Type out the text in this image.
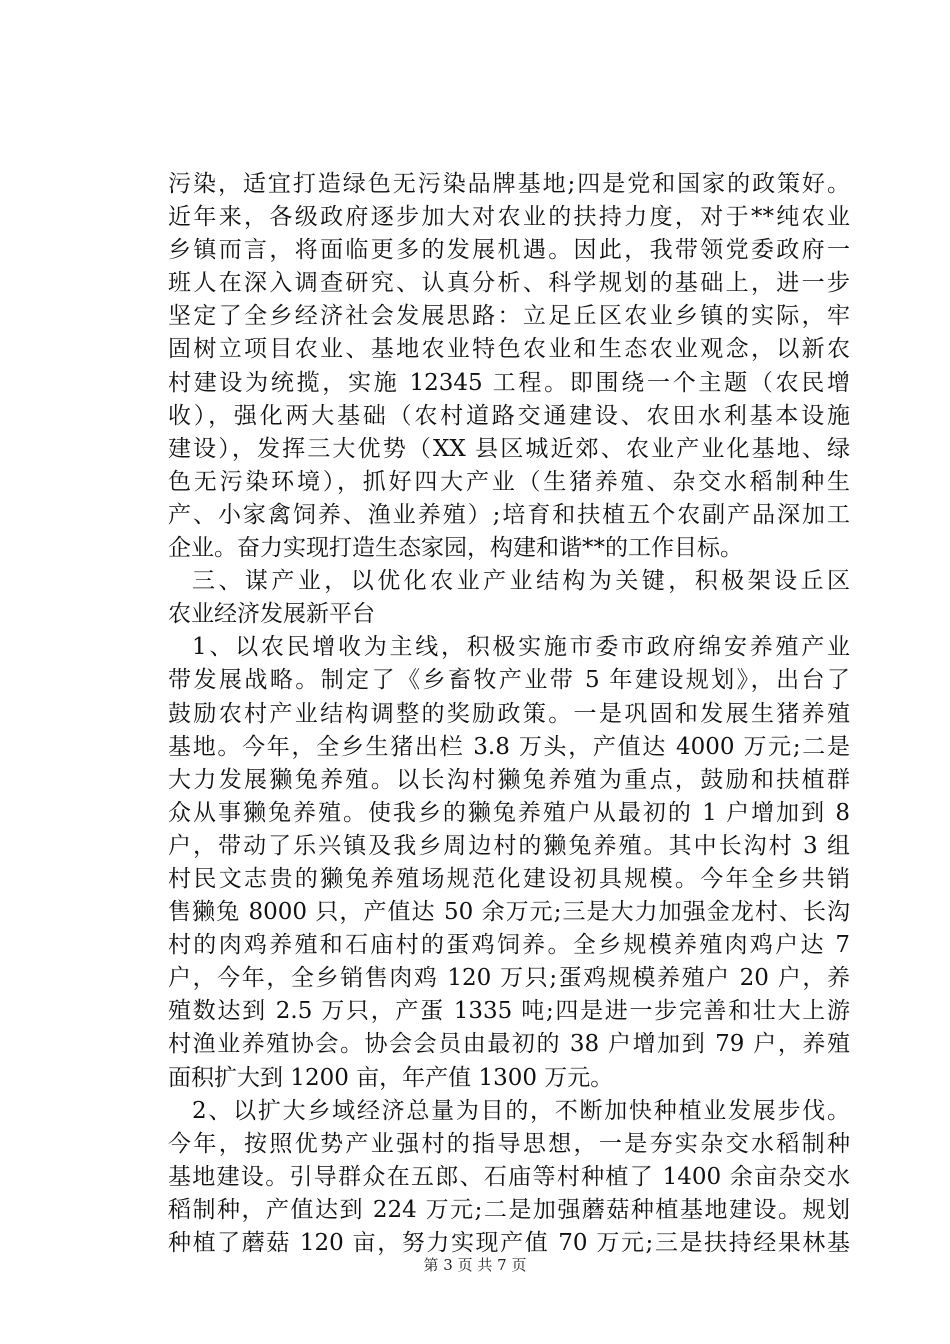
污染，适宜打造绿色无污染品牌基地;四是党和国家的政策好。
近年来，各级政府逐步加大对农业的扶持力度，对于**纯农业
乡镇而言，将面临更多的发展机遇。因此，我带领党委政府一
班人在深入调查研究、认真分析、科学规划的基础上，进一步
坚定了全乡经济社会发展思路：立足丘区农业乡镇的实际，牢
固树立项目农业、基地农业特色农业和生态农业观念，以新农
村建设为统揽，实施 12345 工程。即围绕一个主题（农民增
收），强化两大基础（农村道路交通建设、农田水利基本设施
建设），发挥三大优势（XX 县区城近郊、农业产业化基地、绿
色无污染环境），抓好四大产业（生猪养殖、杂交水稻制种生
产、小家禽饲养、渔业养殖）;培育和扶植五个农副产品深加工
企业。奋力实现打造生态家园，构建和谐**的工作目标。
三、谋产业，以优化农业产业结构为关键，积极架设丘区
农业经济发展新平台
1、以农民增收为主线，积极实施市委市政府绵安养殖产业
带发展战略。制定了《乡畜牧产业带 5 年建设规划》，出台了
鼓励农村产业结构调整的奖励政策。一是巩固和发展生猪养殖
基地。今年，全乡生猪出栏 3.8 万头，产值达 4000 万元;二是
大力发展獭兔养殖。以长沟村獭兔养殖为重点，鼓励和扶植群
众从事獭兔养殖。使我乡的獭兔养殖户从最初的 1 户增加到 8
户，带动了乐兴镇及我乡周边村的獭兔养殖。其中长沟村 3 组
村民文志贵的獭兔养殖场规范化建设初具规模。今年全乡共销
售獭兔 8000 只，产值达 50 余万元;三是大力加强金龙村、长沟
村的肉鸡养殖和石庙村的蛋鸡饲养。全乡规模养殖肉鸡户达 7
户，今年，全乡销售肉鸡 120 万只;蛋鸡规模养殖户 20 户，养
殖数达到 2.5 万只，产蛋 1335 吨;四是进一步完善和壮大上游
村渔业养殖协会。协会会员由最初的 38 户增加到 79 户，养殖
面积扩大到 1200 亩，年产值 1300 万元。
2、以扩大乡域经济总量为目的，不断加快种植业发展步伐。
今年，按照优势产业强村的指导思想，一是夯实杂交水稻制种
基地建设。引导群众在五郎、石庙等村种植了 1400 余亩杂交水
稻制种，产值达到 224 万元;二是加强蘑菇种植基地建设。规划
种植了蘑菇 120 亩，努力实现产值 70 万元;三是扶持经果林基
第 3 页 共 7 页
